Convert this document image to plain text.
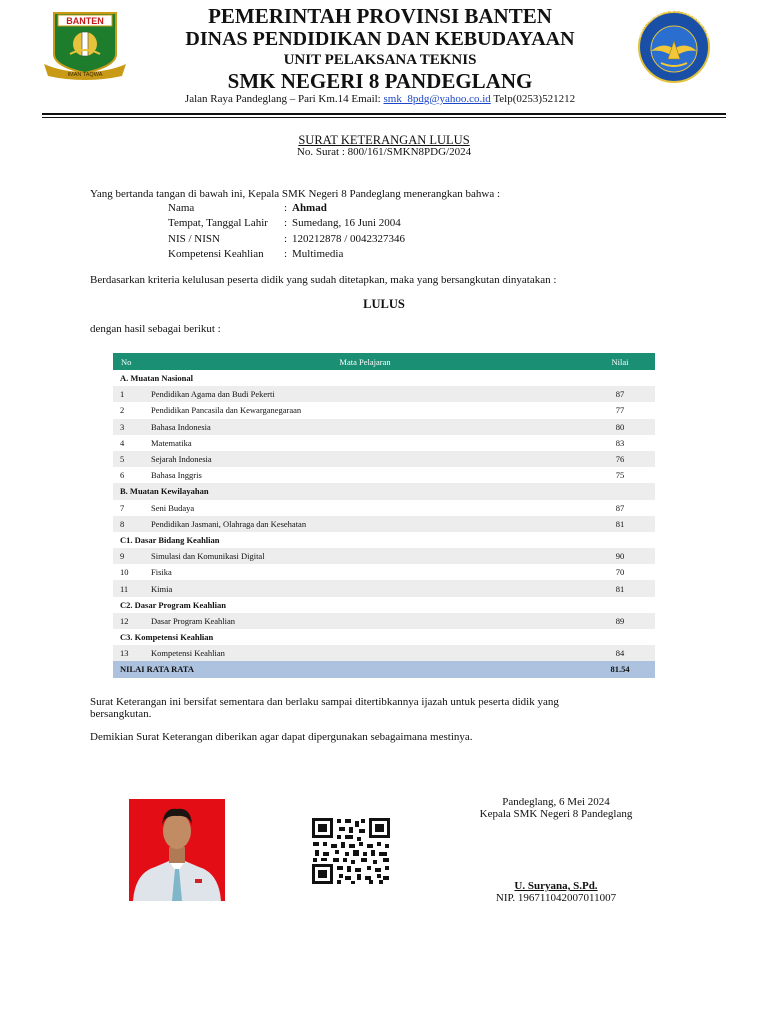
BANTEN
IMAN TAQWA
SMK NEGERI ANDEGLANG
PEMERINTAH PROVINSI BANTEN
DINAS PENDIDIKAN DAN KEBUDAYAAN
UNIT PELAKSANA TEKNIS
SMK NEGERI 8 PANDEGLANG
Jalan Raya Pandeglang – Pari Km.14 Email: smk_8pdg@yahoo.co.id Telp(0253)521212
SURAT KETERANGAN LULUS
No. Surat : 800/161/SMKN8PDG/2024
Yang bertanda tangan di bawah ini, Kepala SMK Negeri 8 Pandeglang menerangkan bahwa :
Nama	: Ahmad
Tempat, Tanggal Lahir : Sumedang, 16 Juni 2004
NIS / NISN	: 120212878 / 0042327346
Kompetensi Keahlian : Multimedia
Berdasarkan kriteria kelulusan peserta didik yang sudah ditetapkan, maka yang bersangkutan dinyatakan :
LULUS
dengan hasil sebagai berikut :
No	Mata Pelajaran	Nilai
A. Muatan Nasional		
1	Pendidikan Agama dan Budi Pekerti	87
2	Pendidikan Pancasila dan Kewarganegaraan	77
3	Bahasa Indonesia	80
4	Matematika	83
5	Sejarah Indonesia	76
6	Bahasa Inggris	75
B. Muatan Kewilayahan		
7	Seni Budaya	87
8	Pendidikan Jasmani, Olahraga dan Kesehatan	81
C1. Dasar Bidang Keahlian		
9	Simulasi dan Komunikasi Digital	90
10	Fisika	70
11	Kimia	81
C2. Dasar Program Keahlian		
12	Dasar Program Keahlian	89
C3. Kompetensi Keahlian		
13	Kompetensi Keahlian	84
NILAI RATA RATA		81.54
Surat Keterangan ini bersifat sementara dan berlaku sampai ditertibkannya ijazah untuk peserta didik yang
bersangkutan.
Demikian Surat Keterangan diberikan agar dapat dipergunakan sebagaimana mestinya.
Pandeglang, 6 Mei 2024
Kepala SMK Negeri 8 Pandeglang
U. Suryana, S.Pd.
NIP. 196711042007011007
